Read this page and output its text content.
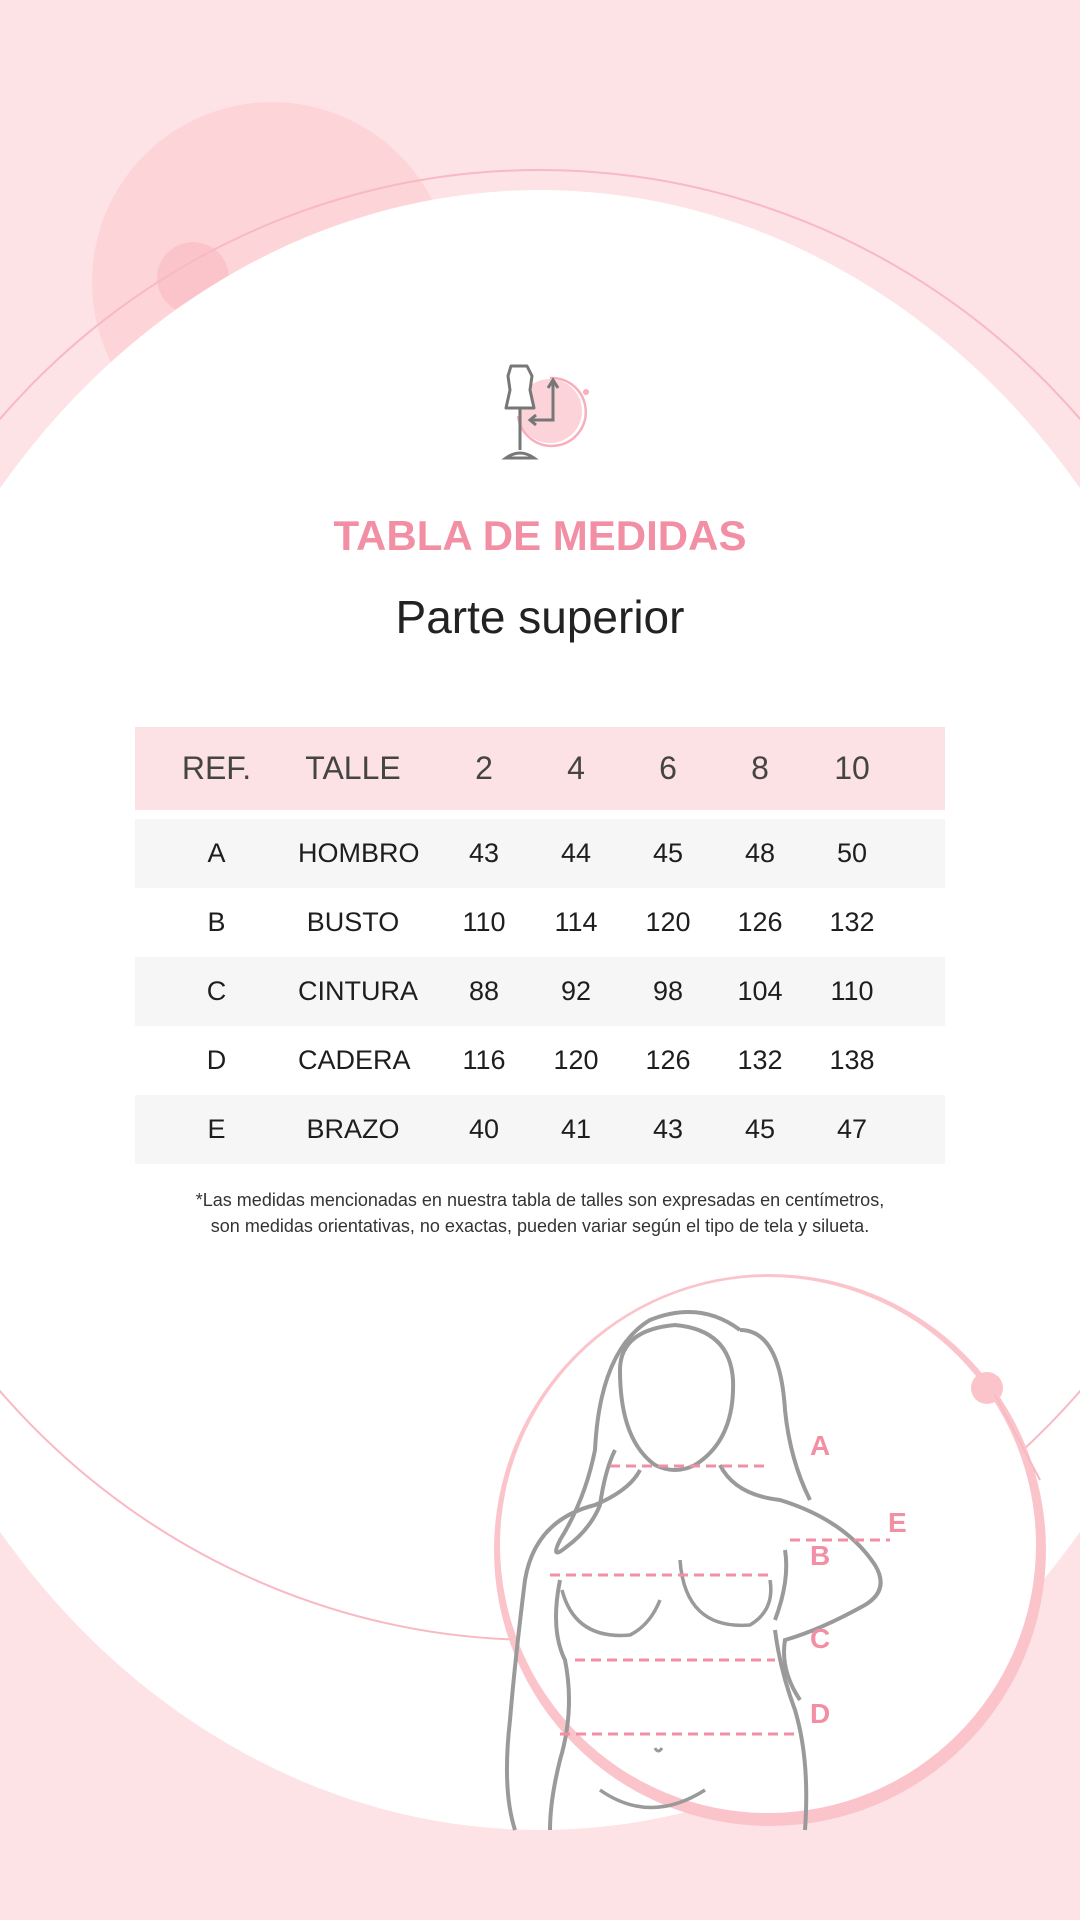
TABLA DE MEDIDAS
Parte superior
REF.	TALLE	2	4	6	8	10
A	HOMBRO	43	44	45	48	50
B	BUSTO	110	114	120	126	132
C	CINTURA	88	92	98	104	110
D	CADERA	116	120	126	132	138
E	BRAZO	40	41	43	45	47
*Las medidas mencionadas en nuestra tabla de talles son expresadas en centímetros,
son medidas orientativas, no exactas, pueden variar según el tipo de tela y silueta.
A
E
B
C
D
